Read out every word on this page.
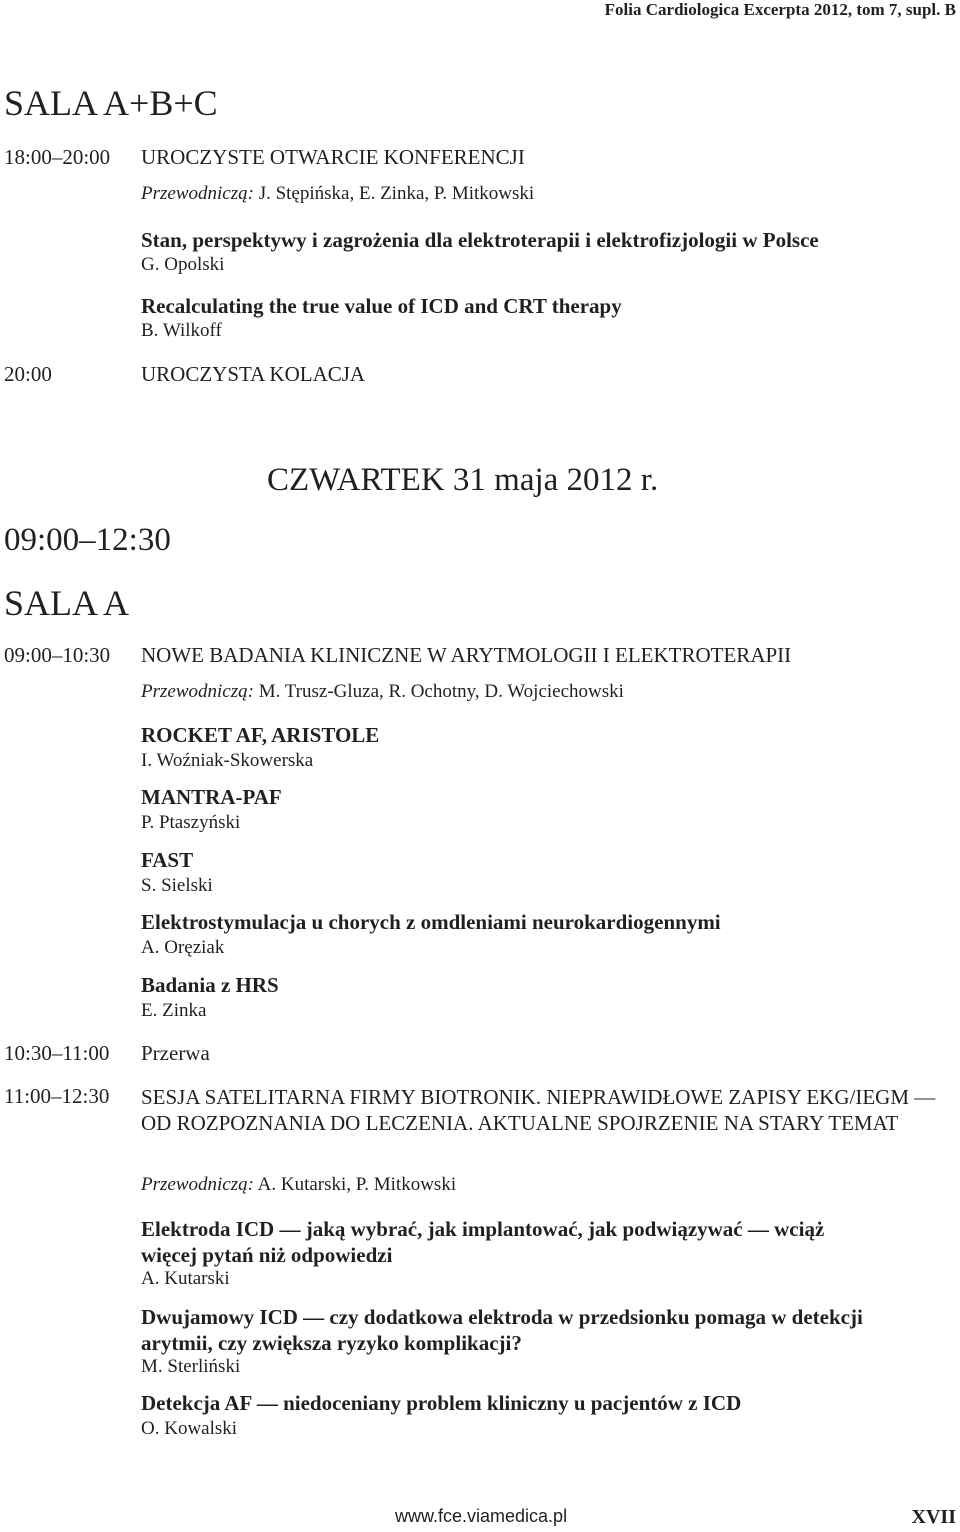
Folia Cardiologica Excerpta 2012, tom 7, supl. B
SALA A+B+C
18:00–20:00 UROCZYSTE OTWARCIE KONFERENCJI
Przewodniczą: J. Stępińska, E. Zinka, P. Mitkowski
Stan, perspektywy i zagrożenia dla elektroterapii i elektrofizjologii w Polsce
G. Opolski
Recalculating the true value of ICD and CRT therapy
B. Wilkoff
20:00	UROCZYSTA KOLACJA
CZWARTEK 31 maja 2012 r.
09:00–12:30
SALA A
09:00–10:30 NOWE BADANIA KLINICZNE W ARYTMOLOGII I ELEKTROTERAPII
Przewodniczą: M. Trusz-Gluza, R. Ochotny, D. Wojciechowski
ROCKET AF, ARISTOLE
I. Woźniak-Skowerska
MANTRA-PAF
P. Ptaszyński
FAST
S. Sielski
Elektrostymulacja u chorych z omdleniami neurokardiogennymi
A. Oręziak
Badania z HRS
E. Zinka
10:30–11:00 Przerwa
11:00–12:30 SESJA SATELITARNA FIRMY BIOTRONIK. NIEPRAWIDŁOWE ZAPISY EKG/IEGM — OD ROZPOZNANIA DO LECZENIA. AKTUALNE SPOJRZENIE NA STARY TEMAT
Przewodniczą: A. Kutarski, P. Mitkowski
Elektroda ICD — jaką wybrać, jak implantować, jak podwiązywać — wciąż więcej pytań niż odpowiedzi
A. Kutarski
Dwujamowy ICD — czy dodatkowa elektroda w przedsionku pomaga w detekcji arytmii, czy zwiększa ryzyko komplikacji?
M. Sterliński
Detekcja AF — niedoceniany problem kliniczny u pacjentów z ICD
O. Kowalski
www.fce.viamedica.pl	XVII
